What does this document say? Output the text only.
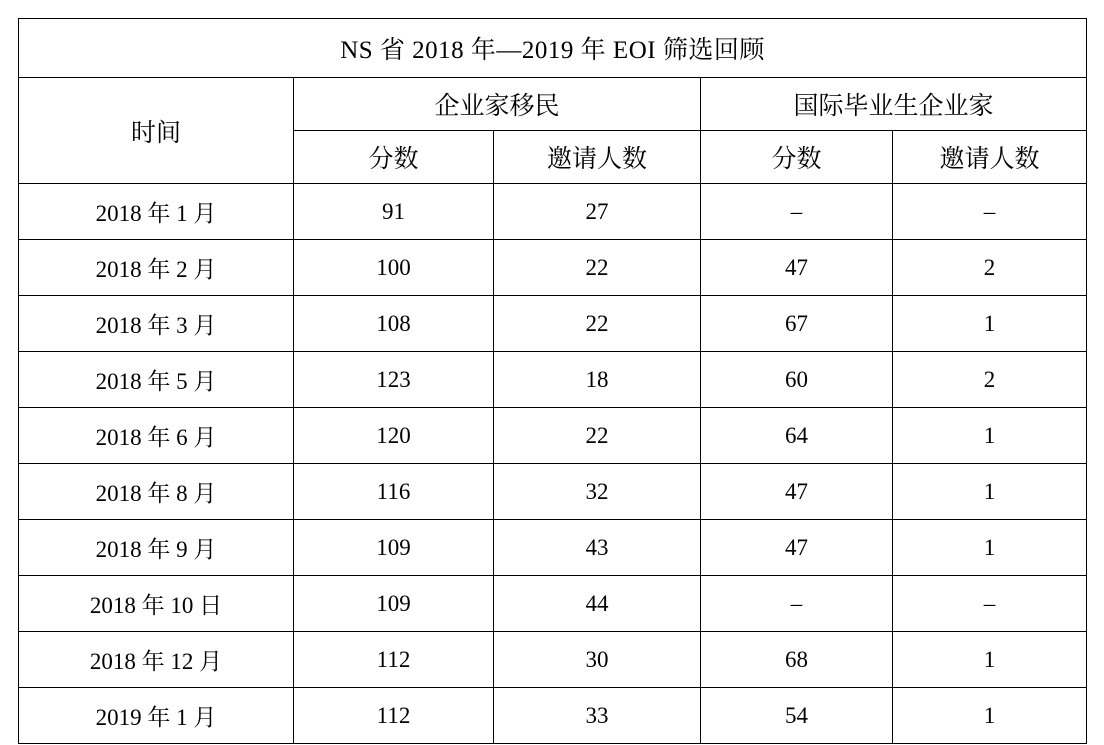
NS 省 2018 年—2019 年 EOI 筛选回顾				
时间	企业家移民		国际毕业生企业家	
	分数	邀请人数	分数	邀请人数
2018 年 1 月	91	27	–	–
2018 年 2 月	100	22	47	2
2018 年 3 月	108	22	67	1
2018 年 5 月	123	18	60	2
2018 年 6 月	120	22	64	1
2018 年 8 月	116	32	47	1
2018 年 9 月	109	43	47	1
2018 年 10 日	109	44	–	–
2018 年 12 月	112	30	68	1
2019 年 1 月	112	33	54	1
